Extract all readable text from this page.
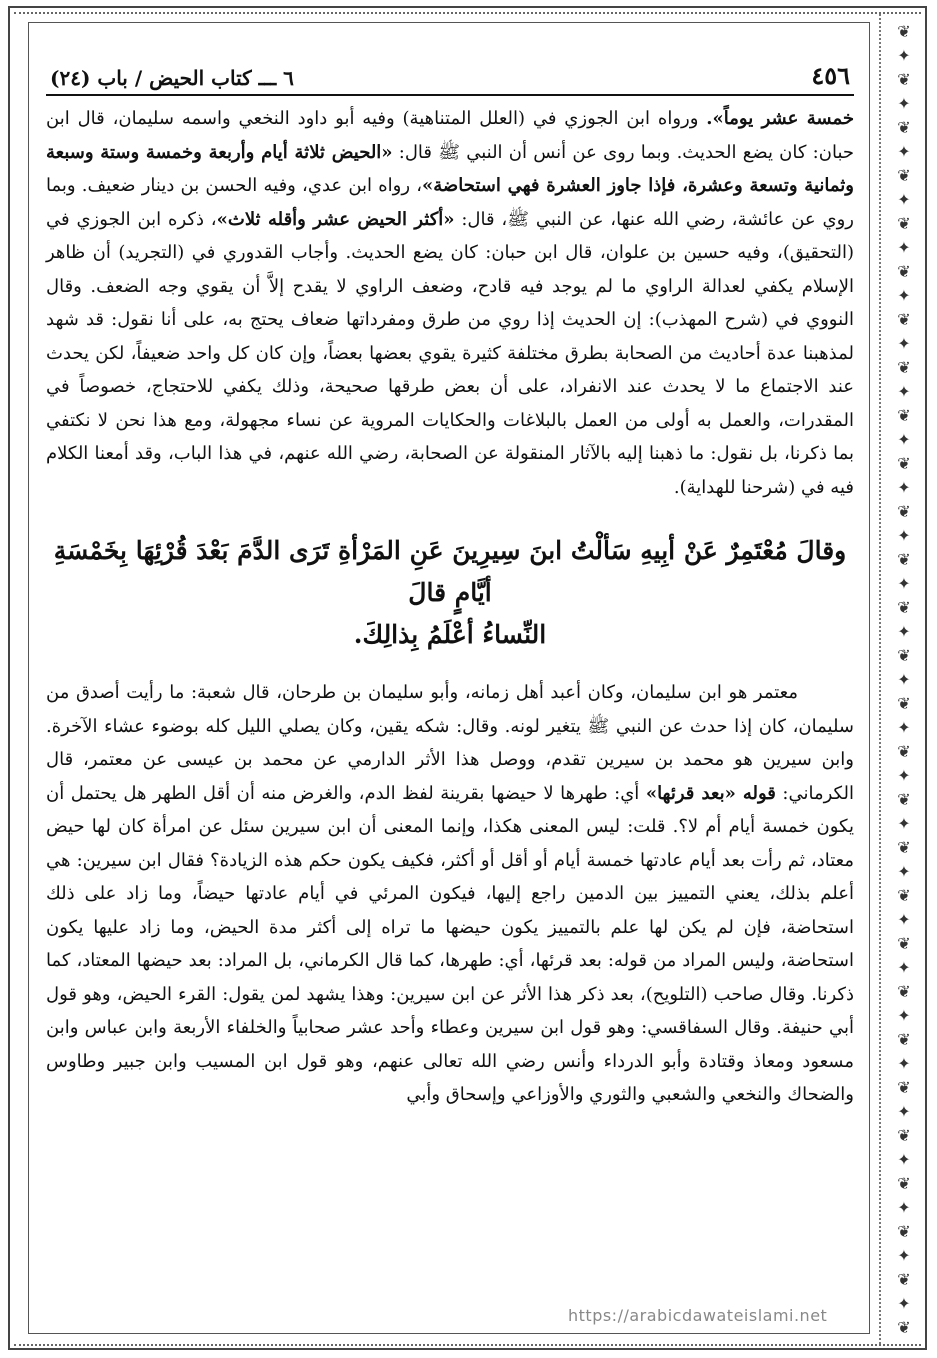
❦
✦
❦
✦
❦
✦
❦
✦
❦
✦
❦
✦
❦
✦
❦
✦
❦
✦
❦
✦
❦
✦
❦
✦
❦
✦
❦
✦
❦
✦
❦
✦
❦
✦
❦
✦
❦
✦
❦
✦
❦
✦
❦
✦
❦
✦
❦
✦
❦
✦
❦
✦
❦
✦
❦
٤٥٦
٦ ـــ كتاب الحيض / باب (٢٤)

خمسة عشر يوماً». ورواه ابن الجوزي في (العلل المتناهية) وفيه أبو داود النخعي واسمه سليمان، قال ابن حبان: كان يضع الحديث. وبما روى عن أنس أن النبي ﷺ قال: «الحيض ثلاثة أيام وأربعة وخمسة وستة وسبعة وثمانية وتسعة وعشرة، فإذا جاوز العشرة فهي استحاضة»، رواه ابن عدي، وفيه الحسن بن دينار ضعيف. وبما روي عن عائشة، رضي الله عنها، عن النبي ﷺ، قال: «أكثر الحيض عشر وأقله ثلاث»، ذكره ابن الجوزي في (التحقيق)، وفيه حسين بن علوان، قال ابن حبان: كان يضع الحديث. وأجاب القدوري في (التجريد) أن ظاهر الإسلام يكفي لعدالة الراوي ما لم يوجد فيه قادح، وضعف الراوي لا يقدح إلاَّ أن يقوي وجه الضعف. وقال النووي في (شرح المهذب): إن الحديث إذا روي من طرق ومفرداتها ضعاف يحتج به، على أنا نقول: قد شهد لمذهبنا عدة أحاديث من الصحابة بطرق مختلفة كثيرة يقوي بعضها بعضاً، وإن كان كل واحد ضعيفاً، لكن يحدث عند الاجتماع ما لا يحدث عند الانفراد، على أن بعض طرقها صحيحة، وذلك يكفي للاحتجاج، خصوصاً في المقدرات، والعمل به أولى من العمل بالبلاغات والحكايات المروية عن نساء مجهولة، ومع هذا نحن لا نكتفي بما ذكرنا، بل نقول: ما ذهبنا إليه بالآثار المنقولة عن الصحابة، رضي الله عنهم، في هذا الباب، وقد أمعنا الكلام فيه في (شرحنا للهداية).

وقالَ مُعْتَمِرٌ عَنْ أبِيهِ سَألْتُ ابنَ سِيرِينَ عَنِ المَرْأةِ تَرَى الدَّمَ بَعْدَ قُرْئِهَا بِخَمْسَةِ أيَّامٍ قالَ
النِّساءُ أعْلَمُ بِذالِكَ.

معتمر هو ابن سليمان، وكان أعبد أهل زمانه، وأبو سليمان بن طرحان، قال شعبة: ما رأيت أصدق من سليمان، كان إذا حدث عن النبي ﷺ يتغير لونه. وقال: شكه يقين، وكان يصلي الليل كله بوضوء عشاء الآخرة. وابن سيرين هو محمد بن سيرين تقدم، ووصل هذا الأثر الدارمي عن محمد بن عيسى عن معتمر، قال الكرماني: قوله «بعد قرئها» أي: طهرها لا حيضها بقرينة لفظ الدم، والغرض منه أن أقل الطهر هل يحتمل أن يكون خمسة أيام أم لا؟. قلت: ليس المعنى هكذا، وإنما المعنى أن ابن سيرين سئل عن امرأة كان لها حيض معتاد، ثم رأت بعد أيام عادتها خمسة أيام أو أقل أو أكثر، فكيف يكون حكم هذه الزيادة؟ فقال ابن سيرين: هي أعلم بذلك، يعني التمييز بين الدمين راجع إليها، فيكون المرئي في أيام عادتها حيضاً، وما زاد على ذلك استحاضة، فإن لم يكن لها علم بالتمييز يكون حيضها ما تراه إلى أكثر مدة الحيض، وما زاد عليها يكون استحاضة، وليس المراد من قوله: بعد قرئها، أي: طهرها، كما قال الكرماني، بل المراد: بعد حيضها المعتاد، كما ذكرنا. وقال صاحب (التلويح)، بعد ذكر هذا الأثر عن ابن سيرين: وهذا يشهد لمن يقول: القرء الحيض، وهو قول أبي حنيفة. وقال السفاقسي: وهو قول ابن سيرين وعطاء وأحد عشر صحابياً والخلفاء الأربعة وابن عباس وابن مسعود ومعاذ وقتادة وأبو الدرداء وأنس رضي الله تعالى عنهم، وهو قول ابن المسيب وابن جبير وطاوس والضحاك والنخعي والشعبي والثوري والأوزاعي وإسحاق وأبي

https://arabicdawateislami.net
